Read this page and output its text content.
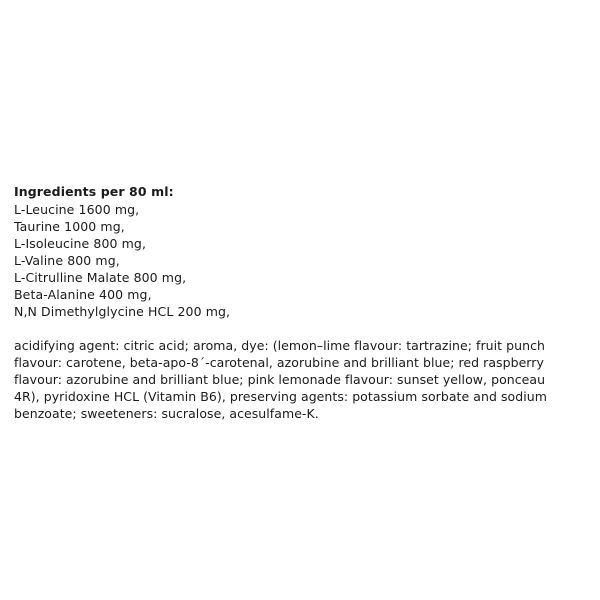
Ingredients per 80 ml:
L-Leucine 1600 mg,
Taurine 1000 mg,
L-Isoleucine 800 mg,
L-Valine 800 mg,
L-Citrulline Malate 800 mg,
Beta-Alanine 400 mg,
N,N Dimethylglycine HCL 200 mg,

acidifying agent: citric acid; aroma, dye: (lemon–lime flavour: tartrazine; fruit punch flavour: carotene, beta-apo-8´-carotenal, azorubine and brilliant blue; red raspberry flavour: azorubine and brilliant blue; pink lemonade flavour: sunset yellow, ponceau 4R), pyridoxine HCL (Vitamin B6), preserving agents: potassium sorbate and sodium benzoate; sweeteners: sucralose, acesulfame-K.
